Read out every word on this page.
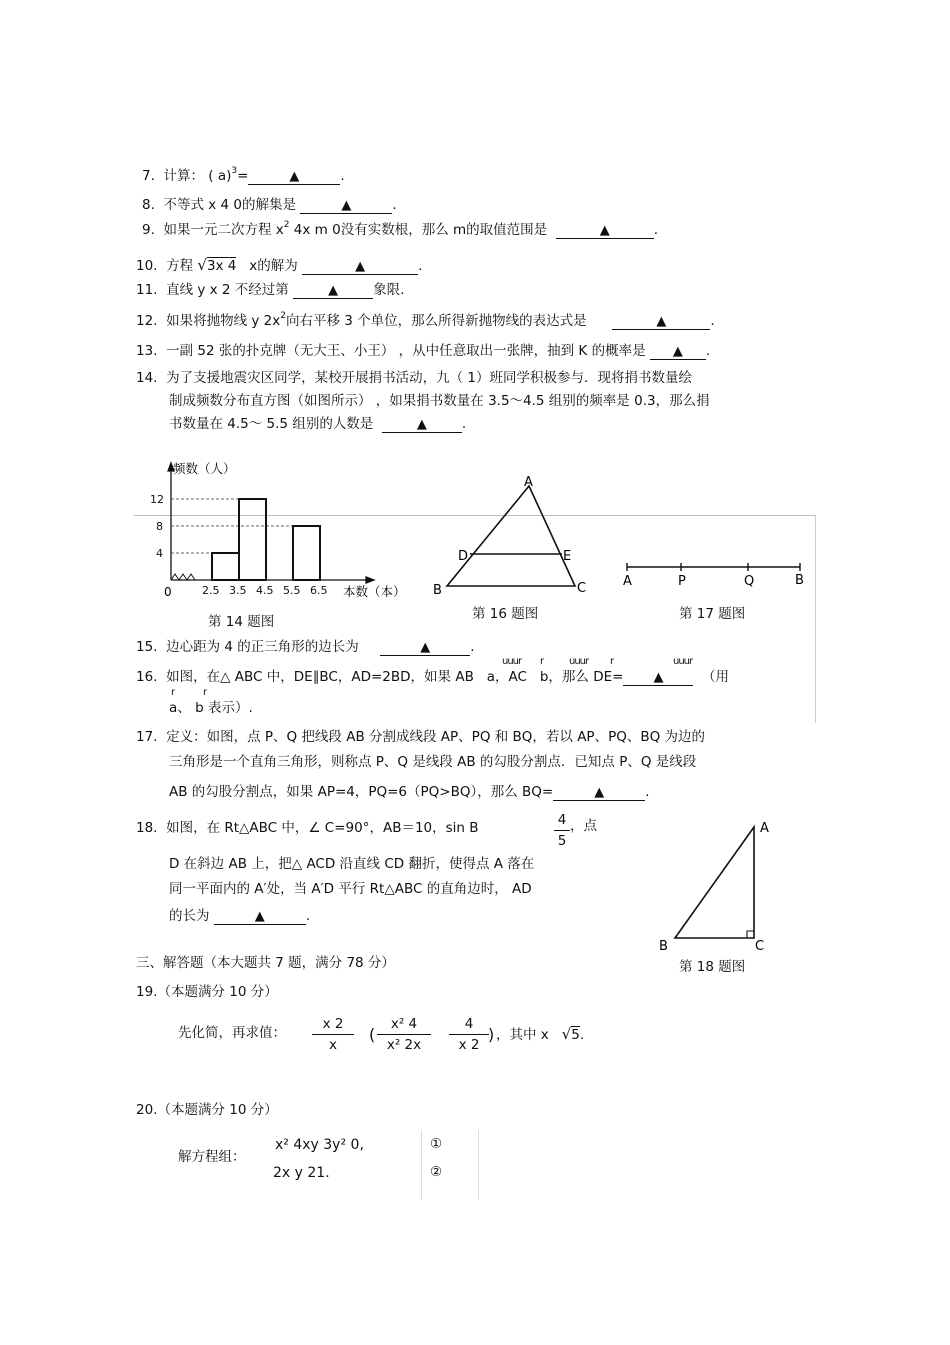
7. 计算： ( a)$^3$=	▲	.
8. 不等式 x 4 0的解集是	▲	.
9. 如果一元二次方程 $x^2$ 4x m 0没有实数根，那么 m的取值范围是	▲	.
10. 方程 √3x 4 x的解为	▲	.
11. 直线 y x 2 不经过第	▲	象限.
12. 如果将抛物线 y $2x^2$向右平移 3 个单位，那么所得新抛物线的表达式是	▲	.
13. 一副 52 张的扑克牌（无大王、小王） ，从中任意取出一张牌，抽到 K 的概率是 ▲ .
14. 为了支援地震灾区同学，某校开展捐书活动，九（ 1）班同学积极参与．现将捐书数量绘
制成频数分布直方图（如图所示） ，如果捐书数量在 3.5～4.5 组别的频率是 0.3，那么捐
书数量在 4.5～ 5.5 组别的人数是	▲	.
2.5 3.5 4.5 5.5 6.5
4
8
12
频数（人）
本数（本）
0
第 14 题图
A
D	E
B	C
第 16 题图
A	P	Q	B
第 17 题图
15. 边心距为 4 的正三角形的边长为	▲	.
uuur r uuur r	uuur
16. 如图，在△ ABC 中，DE∥BC，AD=2BD，如果 AB a，AC b，那么 DE= ▲	（用
r	r
a、 b 表示）.
17. 定义：如图，点 P、Q 把线段 AB 分割成线段 AP、PQ 和 BQ，若以 AP、PQ、BQ 为边的
三角形是一个直角三角形，则称点 P、Q 是线段 AB 的勾股分割点．已知点 P、Q 是线段
AB 的勾股分割点，如果 AP=4，PQ=6（PQ>BQ），那么 BQ=	▲	.
18. 如图，在 Rt△ABC 中，∠ C=90°，AB＝10，sin B	4
5
，点
D 在斜边 AB 上，把△ ACD 沿直线 CD 翻折，使得点 A 落在
同一平面内的 A′处，当 A′D 平行 Rt△ABC 的直角边时， AD
的长为	▲	.
A
B	C
第 18 题图
三、解答题（本大题共 7 题，满分 78 分）
19.（本题满分 10 分）
先化简，再求值：
x 2
x
(
x² 4
x² 2x
4
x 2
) ，其中 x √5.
20.（本题满分 10 分）
解方程组：
x² 4xy 3y² 0,
2x y 21.
①
②
